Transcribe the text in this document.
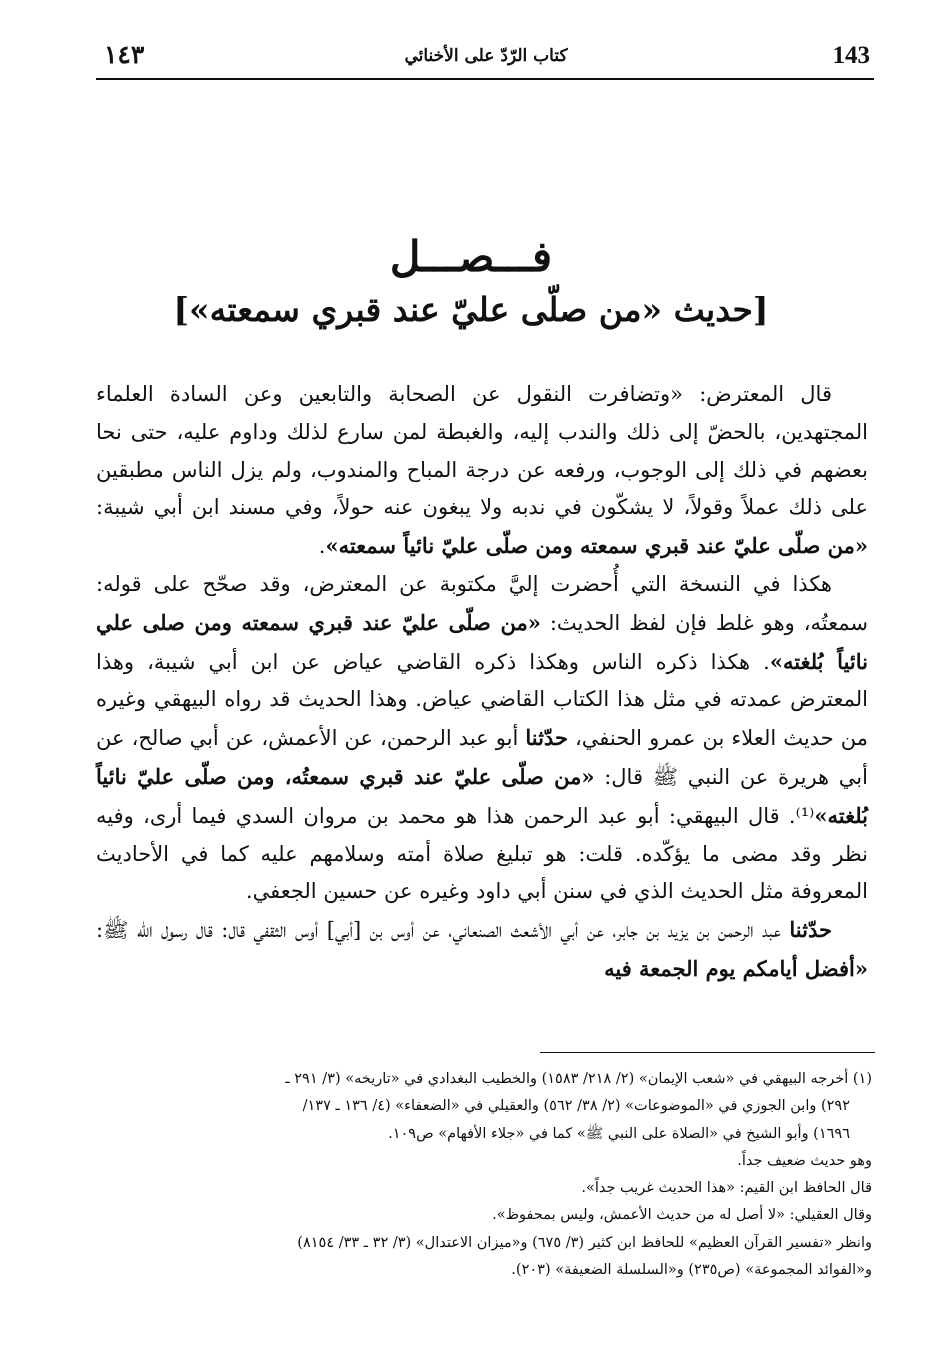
١٤٣	كتاب الرّدّ على الأخنائي	143
فـــصـــل
[حديث «من صلّى عليّ عند قبري سمعته»]

قال المعترض: «وتضافرت النقول عن الصحابة والتابعين وعن السادة العلماء المجتهدين، بالحضّ إلى ذلك والندب إليه، والغبطة لمن سارع لذلك وداوم عليه، حتى نحا بعضهم في ذلك إلى الوجوب، ورفعه عن درجة المباح والمندوب، ولم يزل الناس مطبقين على ذلك عملاً وقولاً، لا يشكّون في ندبه ولا يبغون عنه حولاً، وفي مسند ابن أبي شيبة: «من صلّى عليّ عند قبري سمعته ومن صلّى عليّ نائياً سمعته».

هكذا في النسخة التي أُحضرت إليَّ مكتوبة عن المعترض، وقد صحّح على قوله: سمعتُه، وهو غلط فإن لفظ الحديث: «من صلّى عليّ عند قبري سمعته ومن صلى علي نائياً بُلغته». هكذا ذكره الناس وهكذا ذكره القاضي عياض عن ابن أبي شيبة، وهذا المعترض عمدته في مثل هذا الكتاب القاضي عياض. وهذا الحديث قد رواه البيهقي وغيره من حديث العلاء بن عمرو الحنفي، حدّثنا أبو عبد الرحمن، عن الأعمش، عن أبي صالح، عن أبي هريرة عن النبي ﷺ قال: «من صلّى عليّ عند قبري سمعتُه، ومن صلّى عليّ نائياً بُلغته»⁽¹⁾. قال البيهقي: أبو عبد الرحمن هذا هو محمد بن مروان السدي فيما أرى، وفيه نظر وقد مضى ما يؤكّده. قلت: هو تبليغ صلاة أمته وسلامهم عليه كما في الأحاديث المعروفة مثل الحديث الذي في سنن أبي داود وغيره عن حسين الجعفي.

حدّثنا عبد الرحمن بن يزيد بن جابر، عن أبي الأشعث الصنعاني، عن أوس بن [أبي] أوس الثقفي قال: قال رسول الله ﷺ: «أفضل أيامكم يوم الجمعة فيه

(١) أخرجه البيهقي في «شعب الإيمان» (٢/ ٢١٨/ ١٥٨٣) والخطيب البغدادي في «تاريخه» (٣/ ٢٩١ ـ
٢٩٢) وابن الجوزي في «الموضوعات» (٢/ ٣٨/ ٥٦٢) والعقيلي في «الضعفاء» (٤/ ١٣٦ ـ ١٣٧/
١٦٩٦) وأبو الشيخ في «الصلاة على النبي ﷺ» كما في «جلاء الأفهام» ص١٠٩.
وهو حديث ضعيف جداً.
قال الحافظ ابن القيم: «هذا الحديث غريب جداً».
وقال العقيلي: «لا أصل له من حديث الأعمش، وليس بمحفوظ».
وانظر «تفسير القرآن العظيم» للحافظ ابن كثير (٣/ ٦٧٥) و«ميزان الاعتدال» (٣/ ٣٢ ـ ٣٣/ ٨١٥٤)
و«الفوائد المجموعة» (ص٢٣٥) و«السلسلة الضعيفة» (٢٠٣).
